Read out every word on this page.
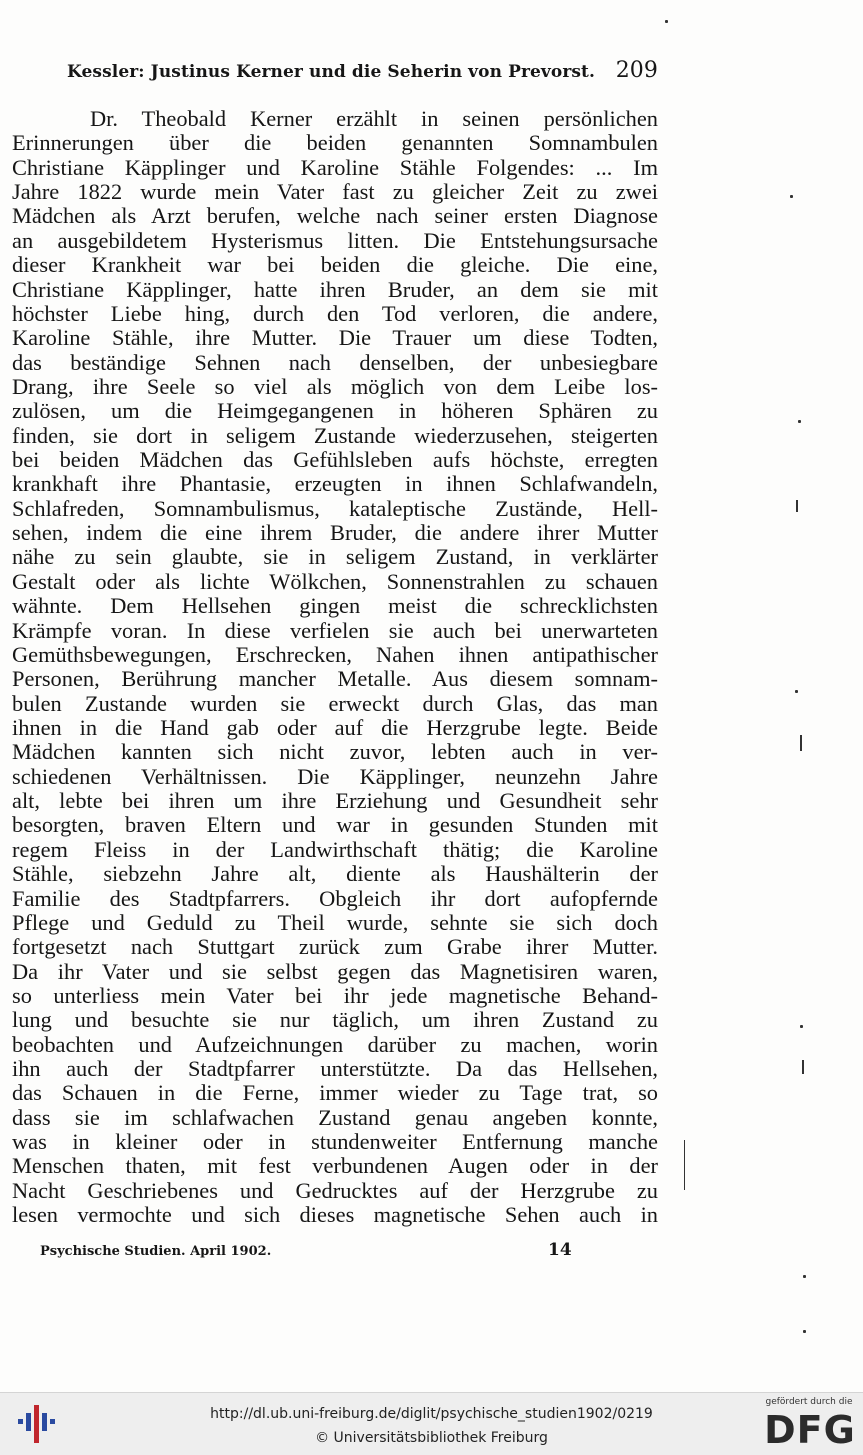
Kessler: Justinus Kerner und die Seherin von Prevorst. 209
Dr. Theobald Kerner erzählt in seinen persönlichen
Erinnerungen über die beiden genannten Somnambulen
Christiane Käpplinger und Karoline Stähle Folgendes: ... Im
Jahre 1822 wurde mein Vater fast zu gleicher Zeit zu zwei
Mädchen als Arzt berufen, welche nach seiner ersten Diagnose
an ausgebildetem Hysterismus litten. Die Entstehungsursache
dieser Krankheit war bei beiden die gleiche. Die eine,
Christiane Käpplinger, hatte ihren Bruder, an dem sie mit
höchster Liebe hing, durch den Tod verloren, die andere,
Karoline Stähle, ihre Mutter. Die Trauer um diese Todten,
das beständige Sehnen nach denselben, der unbesiegbare
Drang, ihre Seele so viel als möglich von dem Leibe los-
zulösen, um die Heimgegangenen in höheren Sphären zu
finden, sie dort in seligem Zustande wiederzusehen, steigerten
bei beiden Mädchen das Gefühlsleben aufs höchste, erregten
krankhaft ihre Phantasie, erzeugten in ihnen Schlafwandeln,
Schlafreden, Somnambulismus, kataleptische Zustände, Hell-
sehen, indem die eine ihrem Bruder, die andere ihrer Mutter
nähe zu sein glaubte, sie in seligem Zustand, in verklärter
Gestalt oder als lichte Wölkchen, Sonnenstrahlen zu schauen
wähnte. Dem Hellsehen gingen meist die schrecklichsten
Krämpfe voran. In diese verfielen sie auch bei unerwarteten
Gemüthsbewegungen, Erschrecken, Nahen ihnen antipathischer
Personen, Berührung mancher Metalle. Aus diesem somnam-
bulen Zustande wurden sie erweckt durch Glas, das man
ihnen in die Hand gab oder auf die Herzgrube legte. Beide
Mädchen kannten sich nicht zuvor, lebten auch in ver-
schiedenen Verhältnissen. Die Käpplinger, neunzehn Jahre
alt, lebte bei ihren um ihre Erziehung und Gesundheit sehr
besorgten, braven Eltern und war in gesunden Stunden mit
regem Fleiss in der Landwirthschaft thätig; die Karoline
Stähle, siebzehn Jahre alt, diente als Haushälterin der
Familie des Stadtpfarrers. Obgleich ihr dort aufopfernde
Pflege und Geduld zu Theil wurde, sehnte sie sich doch
fortgesetzt nach Stuttgart zurück zum Grabe ihrer Mutter.
Da ihr Vater und sie selbst gegen das Magnetisiren waren,
so unterliess mein Vater bei ihr jede magnetische Behand-
lung und besuchte sie nur täglich, um ihren Zustand zu
beobachten und Aufzeichnungen darüber zu machen, worin
ihn auch der Stadtpfarrer unterstützte. Da das Hellsehen,
das Schauen in die Ferne, immer wieder zu Tage trat, so
dass sie im schlafwachen Zustand genau angeben konnte,
was in kleiner oder in stundenweiter Entfernung manche
Menschen thaten, mit fest verbundenen Augen oder in der
Nacht Geschriebenes und Gedrucktes auf der Herzgrube zu
lesen vermochte und sich dieses magnetische Sehen auch in
Psychische Studien. April 1902.	14
http://dl.ub.uni-freiburg.de/diglit/psychische_studien1902/0219
© Universitätsbibliothek Freiburg
gefördert durch die
DFG
